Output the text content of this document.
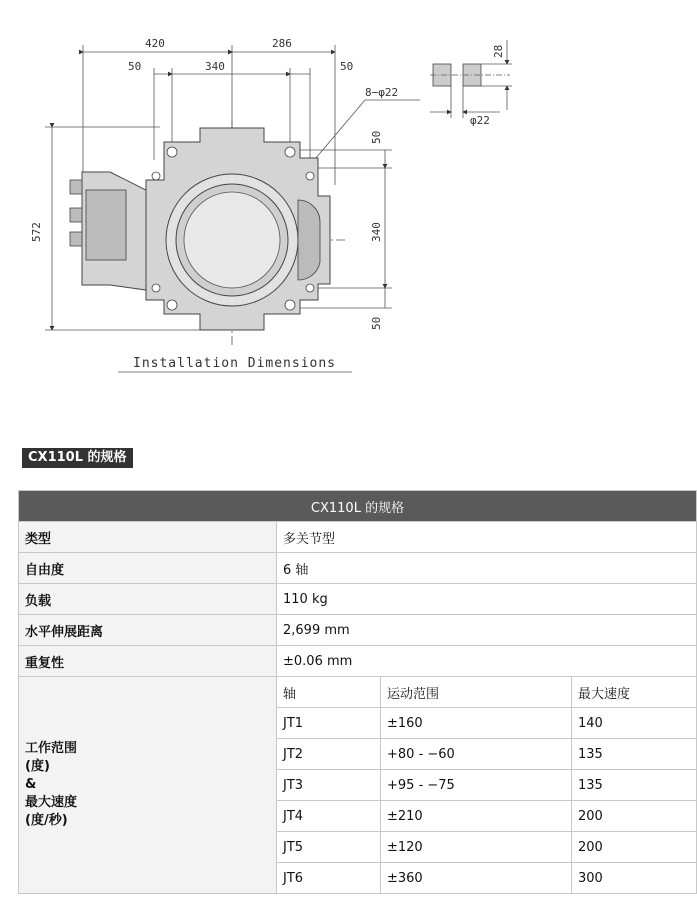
420	286
50	340	50
8−φ22
572
50
340
50
28
φ22
Installation Dimensions
CX110L 的规格
CX110L 的规格			
类型	多关节型		
自由度	6 轴		
负载	110 kg		
水平伸展距离	2,699 mm		
重复性	±0.06 mm		

工作范围
(度)
&
最大速度
(度/秒)	轴	运动范围	最大速度
	JT1	±160	140
	JT2	+80 - −60	135
	JT3	+95 - −75	135
	JT4	±210	200
	JT5	±120	200
	JT6	±360	300
